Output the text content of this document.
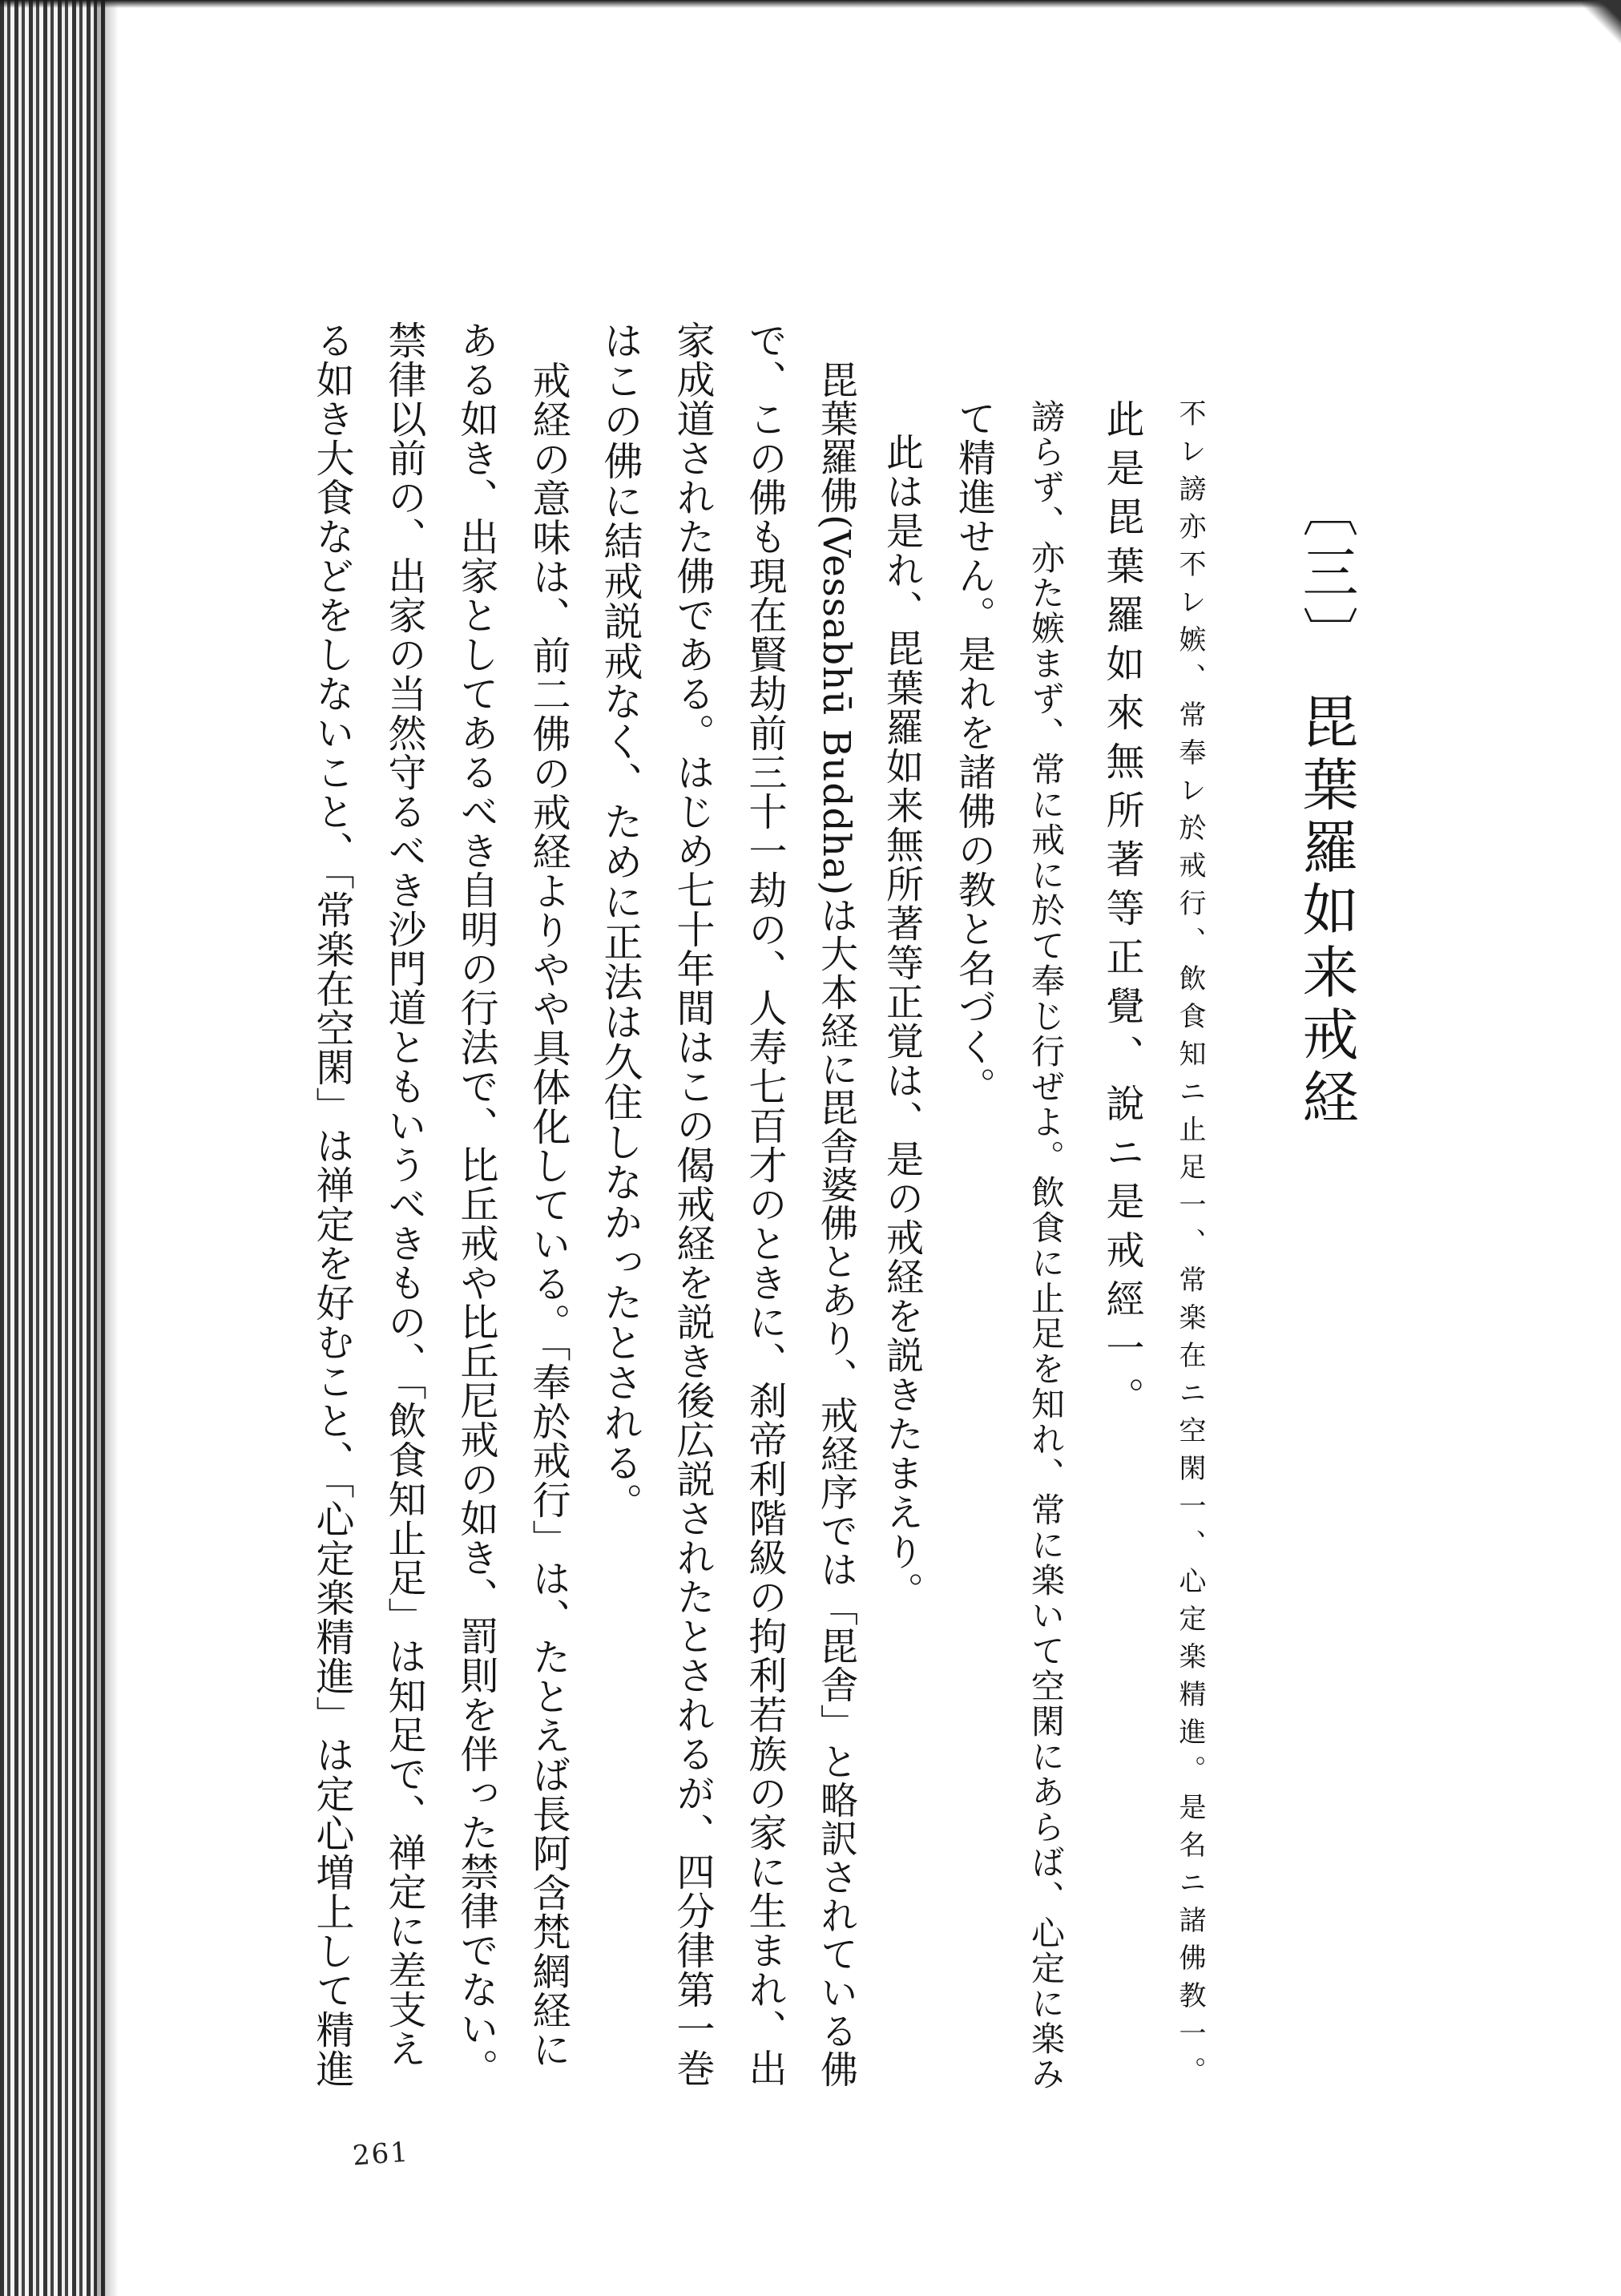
〔三〕 毘葉羅如来戒経
不レ謗亦不レ嫉、常奉レ於戒行、飲食知ニ止足一、常楽在ニ空閑一、心定楽精進。是名ニ諸佛教一。
此是毘葉羅如來無所著等正覺、說ニ是戒經一。
謗らず、亦た嫉まず、常に戒に於て奉じ行ぜよ。飲食に止足を知れ、常に楽いて空閑にあらば、心定に楽み
て精進せん。是れを諸佛の教と名づく。
此は是れ、毘葉羅如来無所著等正覚は、是の戒経を説きたまえり。
毘葉羅佛(Vessabhū Buddha)は大本経に毘舎婆佛とあり、戒経序では「毘舎」と略訳されている佛
で、この佛も現在賢劫前三十一劫の、人寿七百才のときに、刹帝利階級の拘利若族の家に生まれ、出
家成道された佛である。はじめ七十年間はこの偈戒経を説き後広説されたとされるが、四分律第一巻
はこの佛に結戒説戒なく、ために正法は久住しなかったとされる。
戒経の意味は、前二佛の戒経よりやや具体化している。「奉於戒行」は、たとえば長阿含梵網経に
ある如き、出家としてあるべき自明の行法で、比丘戒や比丘尼戒の如き、罰則を伴った禁律でない。
禁律以前の、出家の当然守るべき沙門道ともいうべきもの、「飲食知止足」は知足で、禅定に差支え
る如き大食などをしないこと、「常楽在空閑」は禅定を好むこと、「心定楽精進」は定心増上して精進
261
